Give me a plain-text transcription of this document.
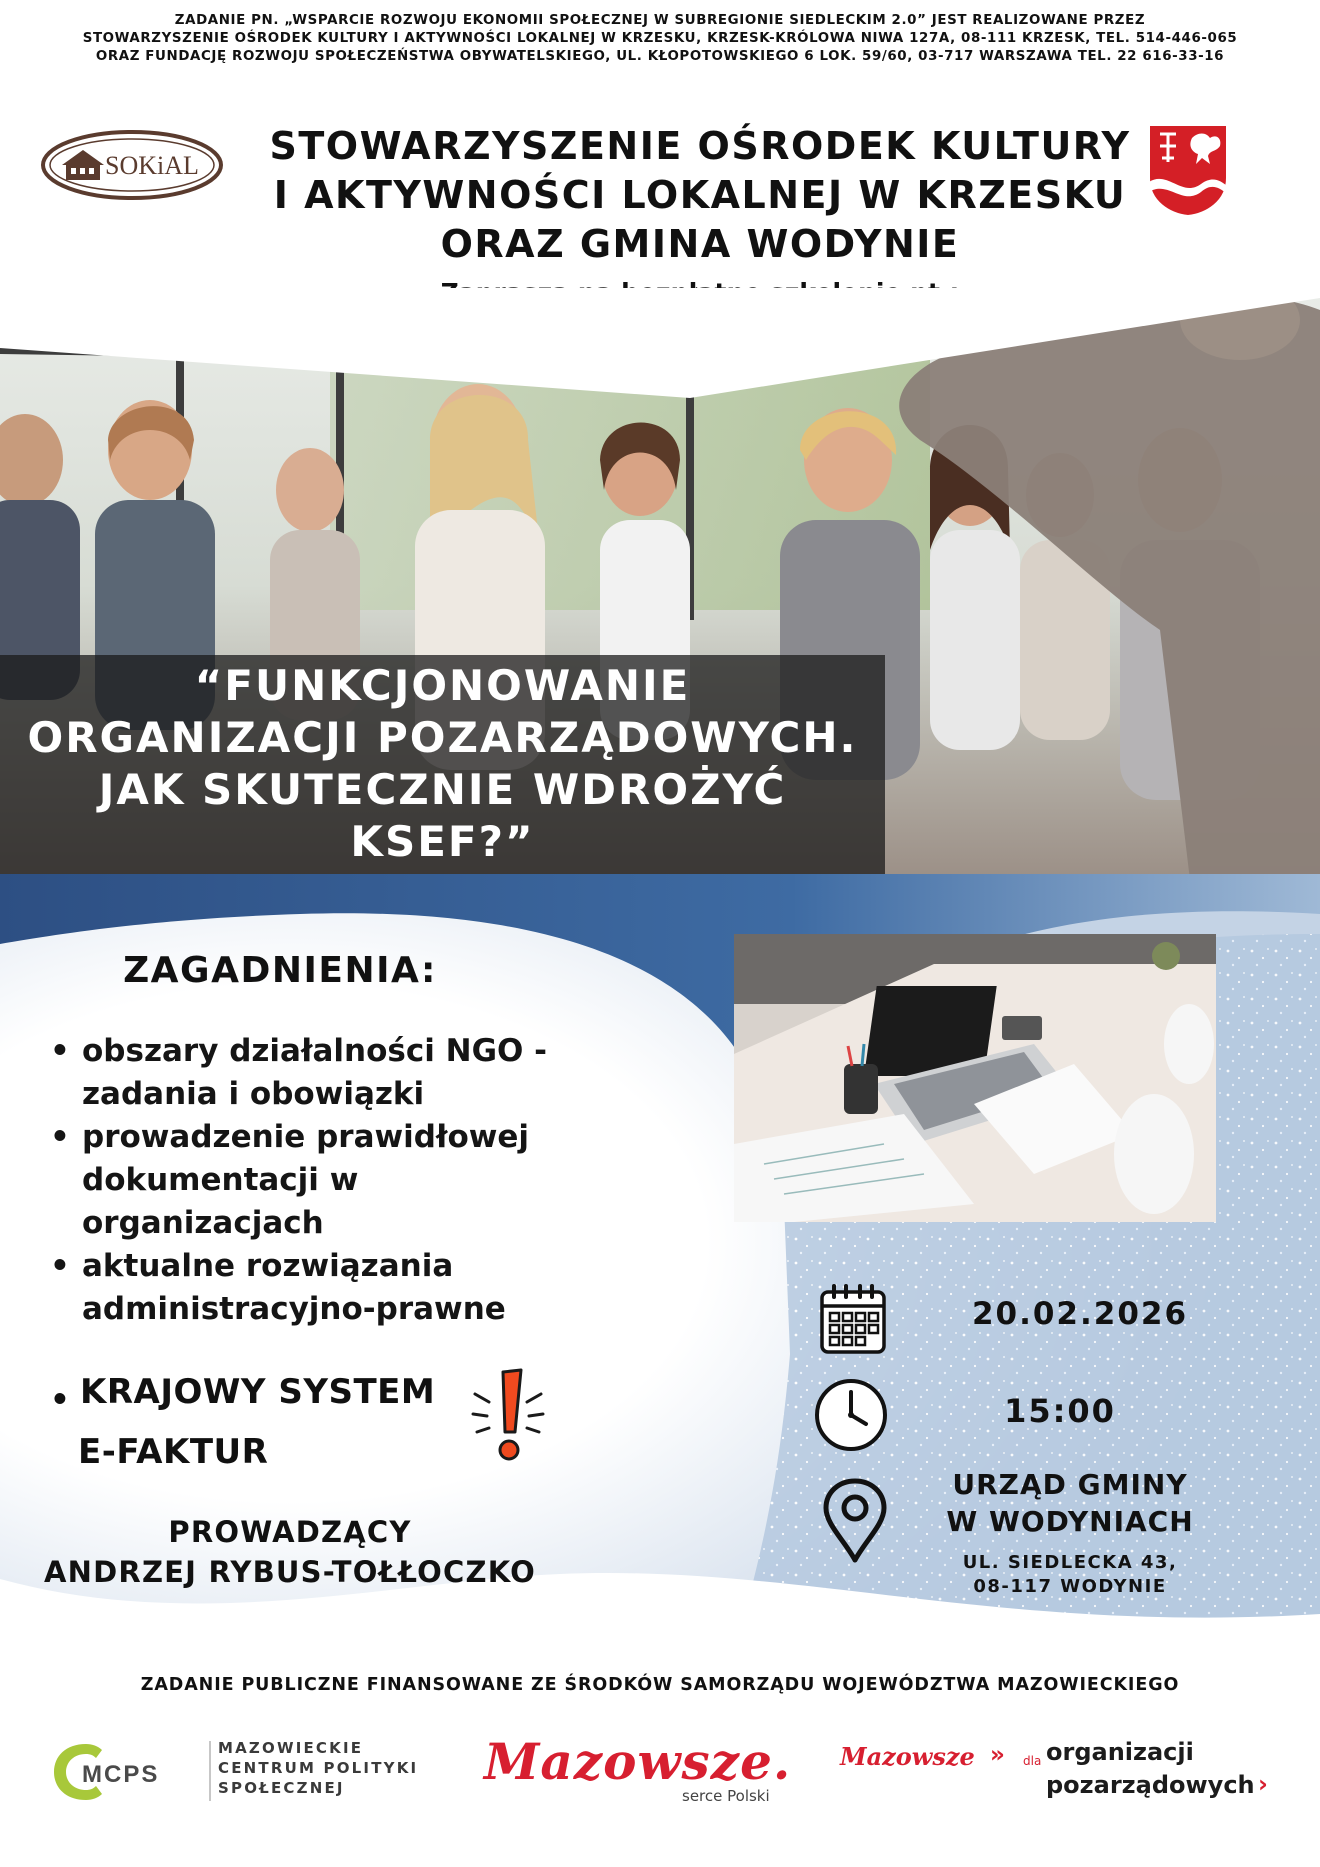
ZADANIE PN. „WSPARCIE ROZWOJU EKONOMII SPOŁECZNEJ W SUBREGIONIE SIEDLECKIM 2.0” JEST REALIZOWANE PRZEZ
STOWARZYSZENIE OŚRODEK KULTURY I AKTYWNOŚCI LOKALNEJ W KRZESKU, KRZESK-KRÓLOWA NIWA 127A, 08-111 KRZESK, TEL. 514-446-065
ORAZ FUNDACJĘ ROZWOJU SPOŁECZEŃSTWA OBYWATELSKIEGO, UL. KŁOPOTOWSKIEGO 6 LOK. 59/60, 03-717 WARSZAWA TEL. 22 616-33-16
SOKiAL	STOWARZYSZENIE OŚRODEK KULTURY
I AKTYWNOŚCI LOKALNEJ W KRZESKU
ORAZ GMINA WODYNIE
“FUNKCJONOWANIE
ORGANIZACJI POZARZĄDOWYCH.
JAK SKUTECZNIE WDROŻYĆ
KSEF?”
ZAGADNIENIA:
• obszary działalności NGO -
zadania i obowiązki
• prowadzenie prawidłowej
dokumentacji w
organizacjach
• aktualne rozwiązania
administracyjno-prawne
• KRAJOWY SYSTEM
E-FAKTUR
PROWADZĄCY
ANDRZEJ RYBUS-TOŁŁOCZKO
20.02.2026
15:00
URZĄD GMINY
W WODYNIACH
UL. SIEDLECKA 43,
08-117 WODYNIE
ZADANIE PUBLICZNE FINANSOWANE ZE ŚRODKÓW SAMORZĄDU WOJEWÓDZTWA MAZOWIECKIEGO
MCPS
MAZOWIECKIE
CENTRUM POLITYKI
SPOŁECZNEJ	Mazowsze.
serce Polski
Mazowsze » dla organizacji
pozarządowych ›
